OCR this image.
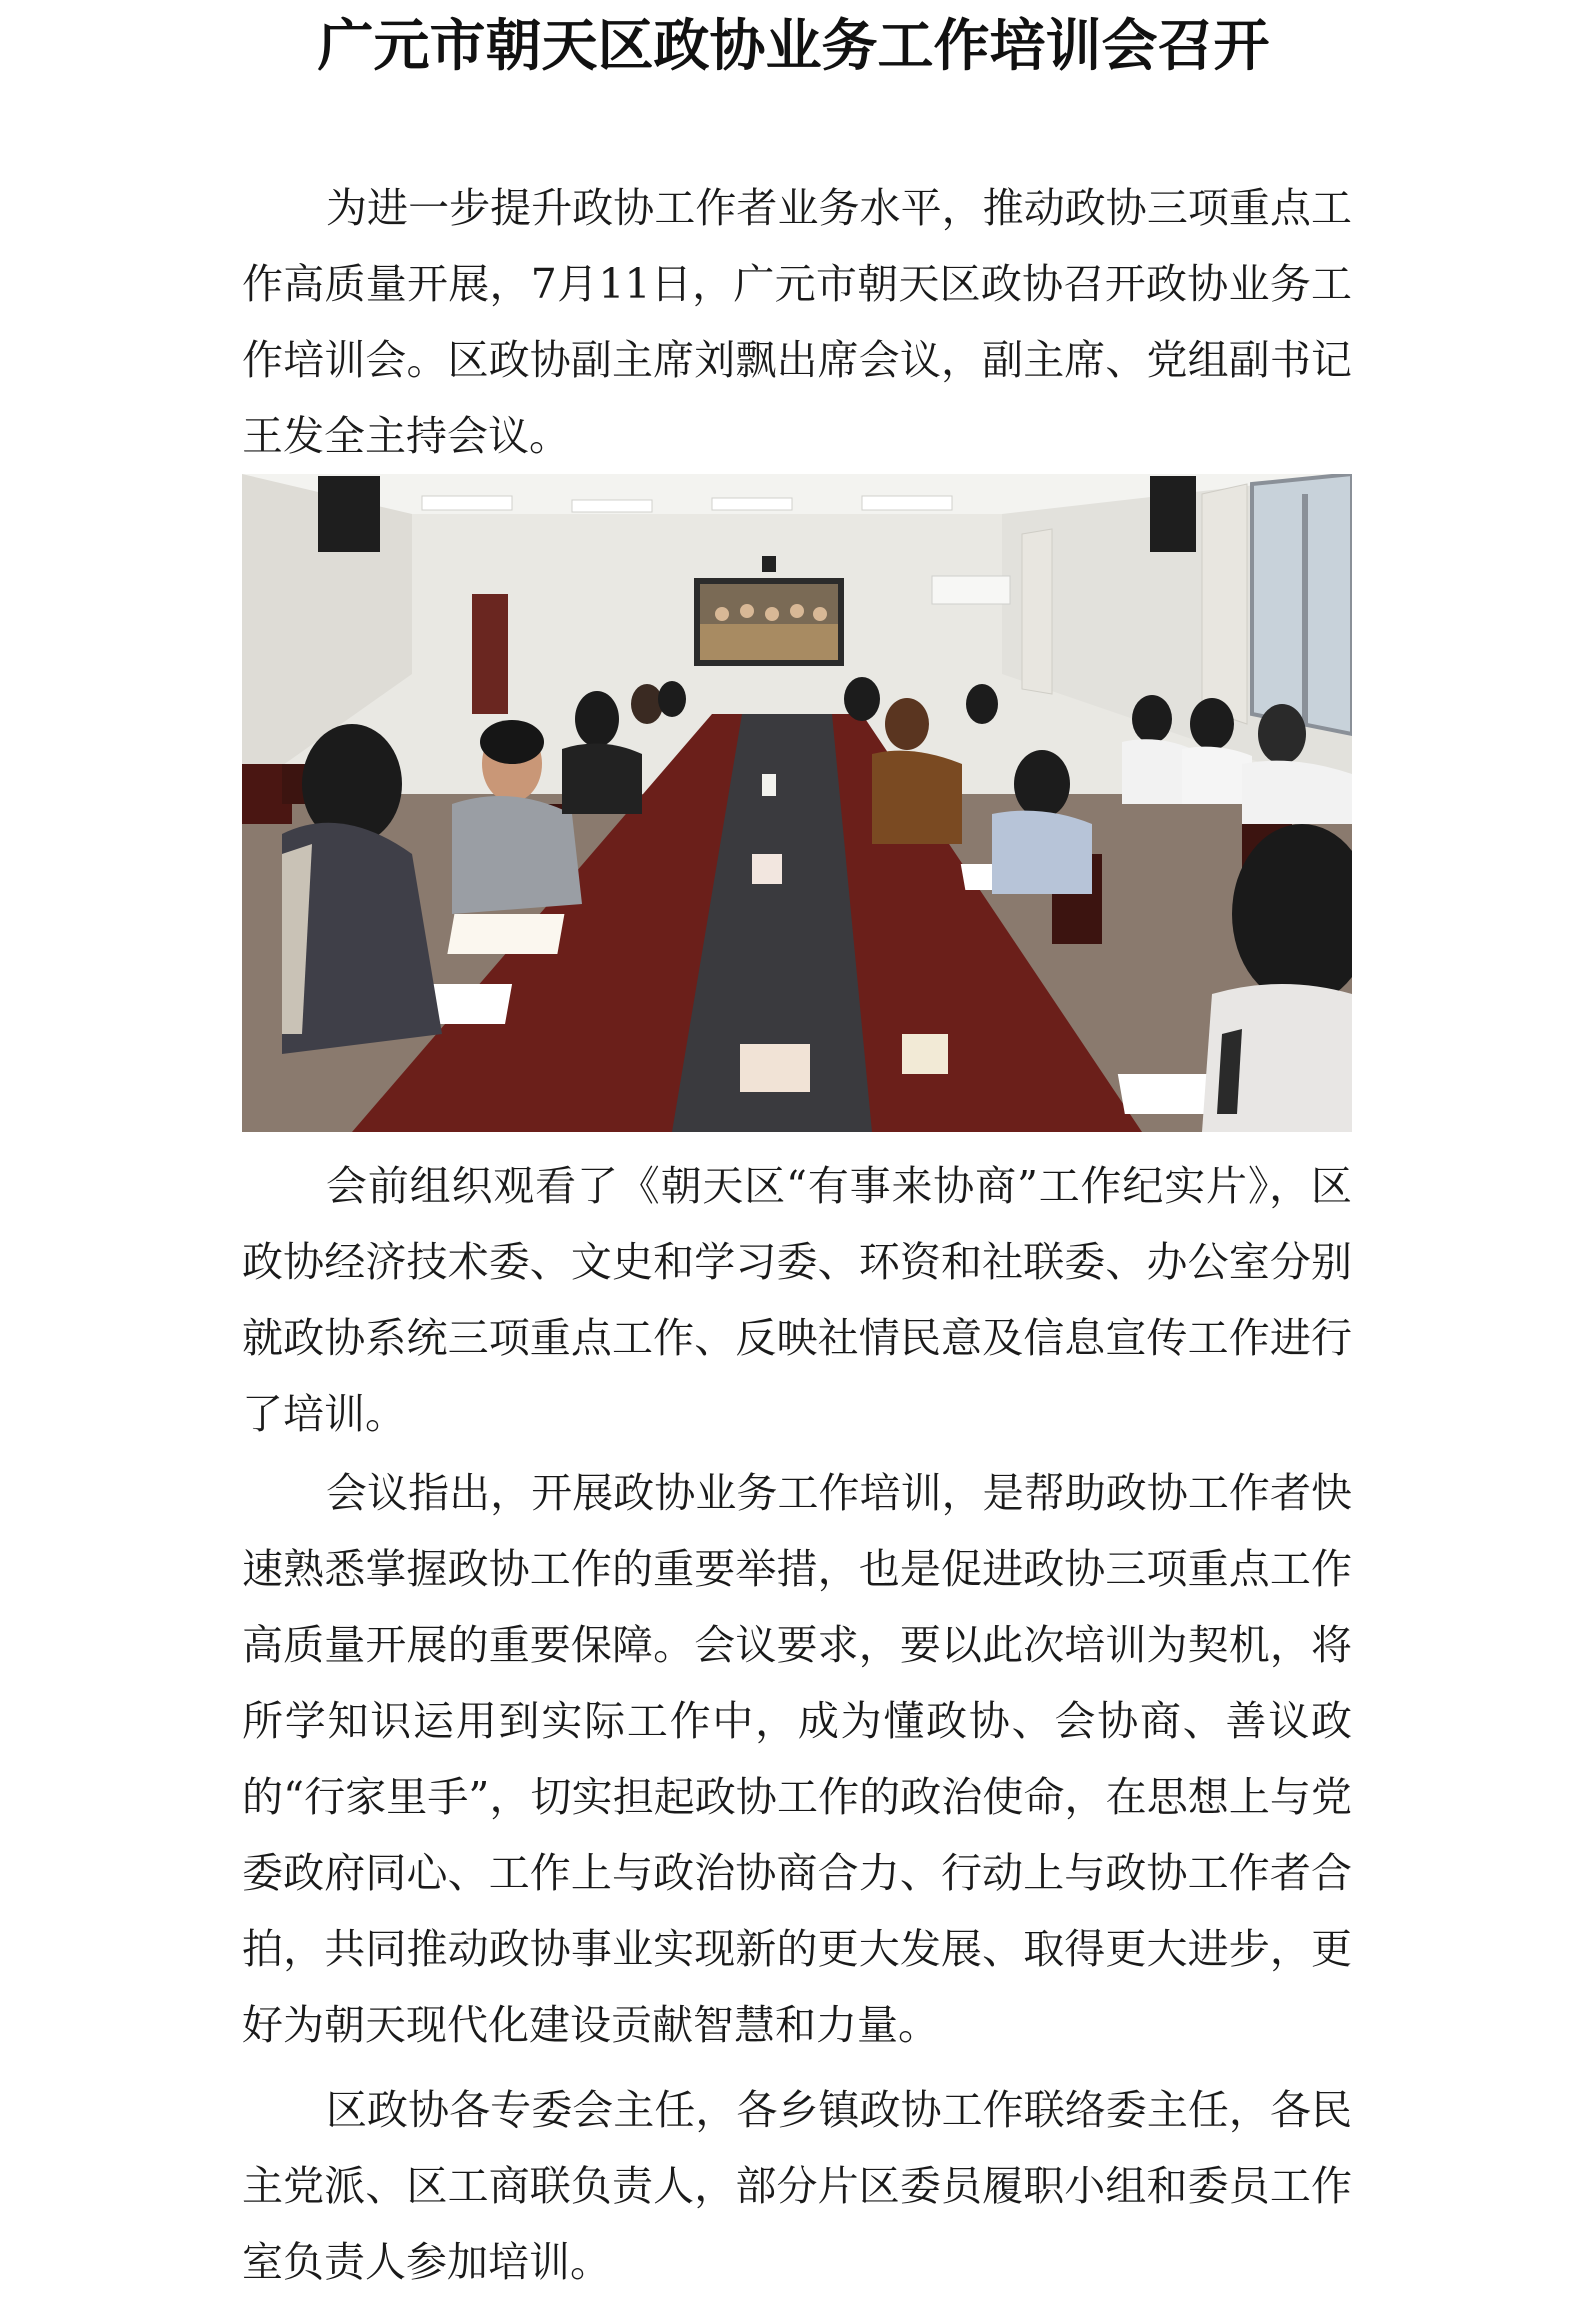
广元市朝天区政协业务工作培训会召开

为进一步提升政协工作者业务水平，推动政协三项重点工作高质量开展，7月11日，广元市朝天区政协召开政协业务工作培训会。区政协副主席刘飘出席会议，副主席、党组副书记王发全主持会议。

会前组织观看了《朝天区“有事来协商”工作纪实片》，区政协经济技术委、文史和学习委、环资和社联委、办公室分别就政协系统三项重点工作、反映社情民意及信息宣传工作进行了培训。

会议指出，开展政协业务工作培训，是帮助政协工作者快速熟悉掌握政协工作的重要举措，也是促进政协三项重点工作高质量开展的重要保障。会议要求，要以此次培训为契机，将所学知识运用到实际工作中，成为懂政协、会协商、善议政的“行家里手”，切实担起政协工作的政治使命，在思想上与党委政府同心、工作上与政治协商合力、行动上与政协工作者合拍，共同推动政协事业实现新的更大发展、取得更大进步，更好为朝天现代化建设贡献智慧和力量。

区政协各专委会主任，各乡镇政协工作联络委主任，各民主党派、区工商联负责人，部分片区委员履职小组和委员工作室负责人参加培训。
